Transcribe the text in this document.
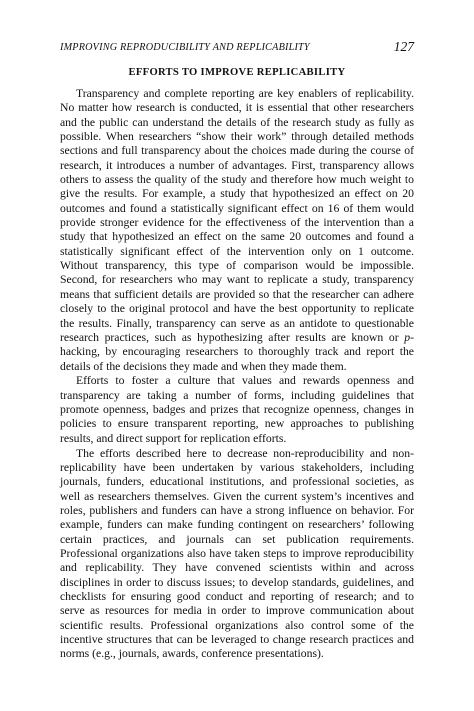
IMPROVING REPRODUCIBILITY AND REPLICABILITY	127
EFFORTS TO IMPROVE REPLICABILITY

Transparency and complete reporting are key enablers of replicability. No matter how research is conducted, it is essential that other researchers and the public can understand the details of the research study as fully as possible. When researchers “show their work” through detailed methods sections and full transparency about the choices made during the course of research, it introduces a number of advantages. First, transparency allows others to assess the quality of the study and therefore how much weight to give the results. For example, a study that hypothesized an effect on 20 outcomes and found a statistically significant effect on 16 of them would provide stronger evidence for the effectiveness of the intervention than a study that hypothesized an effect on the same 20 outcomes and found a statistically significant effect of the intervention only on 1 outcome. Without transparency, this type of comparison would be impossible. Second, for researchers who may want to replicate a study, transparency means that sufficient details are provided so that the researcher can adhere closely to the original protocol and have the best opportunity to replicate the results. Finally, transparency can serve as an antidote to questionable research practices, such as hypothesizing after results are known or p-hacking, by encouraging researchers to thoroughly track and report the details of the decisions they made and when they made them.

Efforts to foster a culture that values and rewards openness and transparency are taking a number of forms, including guidelines that promote openness, badges and prizes that recognize openness, changes in policies to ensure transparent reporting, new approaches to publishing results, and direct support for replication efforts.

The efforts described here to decrease non-reproducibility and non-replicability have been undertaken by various stakeholders, including journals, funders, educational institutions, and professional societies, as well as researchers themselves. Given the current system’s incentives and roles, publishers and funders can have a strong influence on behavior. For example, funders can make funding contingent on researchers’ following certain practices, and journals can set publication requirements. Professional organizations also have taken steps to improve reproducibility and replicability. They have convened scientists within and across disciplines in order to discuss issues; to develop standards, guidelines, and checklists for ensuring good conduct and reporting of research; and to serve as resources for media in order to improve communication about scientific results. Professional organizations also control some of the incentive structures that can be leveraged to change research practices and norms (e.g., journals, awards, conference presentations).
